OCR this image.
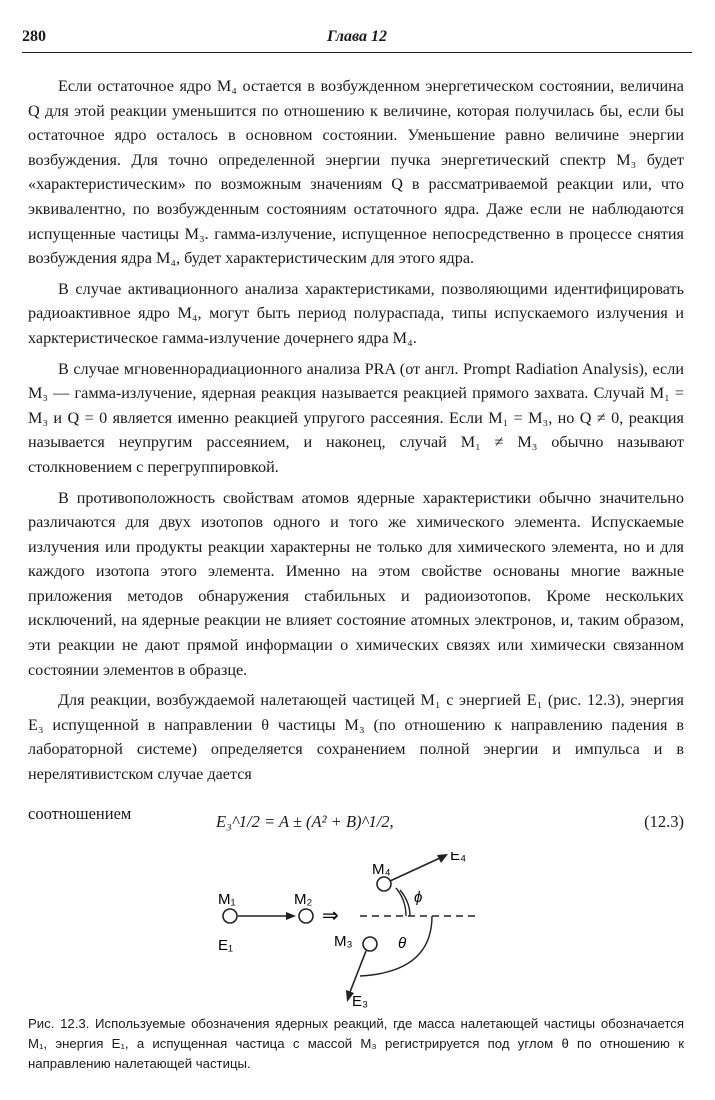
280	Глава 12

Если остаточное ядро M₄ остается в возбужденном энергетическом состоянии, величина Q для этой реакции уменьшится по отношению к величине, которая получилась бы, если бы остаточное ядро осталось в основном состоянии. Уменьшение равно величине энергии возбуждения. Для точно определенной энергии пучка энергетический спектр M₃ будет «характеристическим» по возможным значениям Q в рассматриваемой реакции или, что эквивалентно, по возбужденным состояниям остаточного ядра. Даже если не наблюдаются испущенные частицы M₃. гамма-излучение, испущенное непосредственно в процессе снятия возбуждения ядра M₄, будет характеристическим для этого ядра.

В случае активационного анализа характеристиками, позволяющими идентифицировать радиоактивное ядро M₄, могут быть период полураспада, типы испускаемого излучения и харктеристическое гамма-излучение дочернего ядра M₄.

В случае мгновеннорадиационного анализа PRA (от англ. Prompt Radiation Analysis), если M₃ — гамма-излучение, ядерная реакция называется реакцией прямого захвата. Случай M₁ = M₃ и Q = 0 является именно реакцией упругого рассеяния. Если M₁ = M₃, но Q ≠ 0, реакция называется неупругим рассеянием, и наконец, случай M₁ ≠ M₃ обычно называют столкновением с перегруппировкой.

В противоположность свойствам атомов ядерные характеристики обычно значительно различаются для двух изотопов одного и того же химического элемента. Испускаемые излучения или продукты реакции характерны не только для химического элемента, но и для каждого изотопа этого элемента. Именно на этом свойстве основаны многие важные приложения методов обнаружения стабильных и радиоизотопов. Кроме нескольких исключений, на ядерные реакции не влияет состояние атомных электронов, и, таким образом, эти реакции не дают прямой информации о химических связях или химически связанном состоянии элементов в образце.

Для реакции, возбуждаемой налетающей частицей M₁ с энергией E₁ (рис. 12.3), энергия E₃ испущенной в направлении θ частицы M₃ (по отношению к направлению падения в лабораторной системе) определяется сохранением полной энергии и импульса и в нерелятивистском случае дается

соотношением	E₃^1/2 = A ± (A² + B)^1/2,	(12.3)
M₁
E₁
M₂
⇒
M₄
E₄
ϕ
M₃
E₃
θ
Рис. 12.3. Используемые обозначения ядерных реакций, где масса налетающей частицы обозначается M₁, энергия E₁, а испущенная частица с массой M₃ регистрируется под углом θ по отношению к направлению налетающей частицы.
